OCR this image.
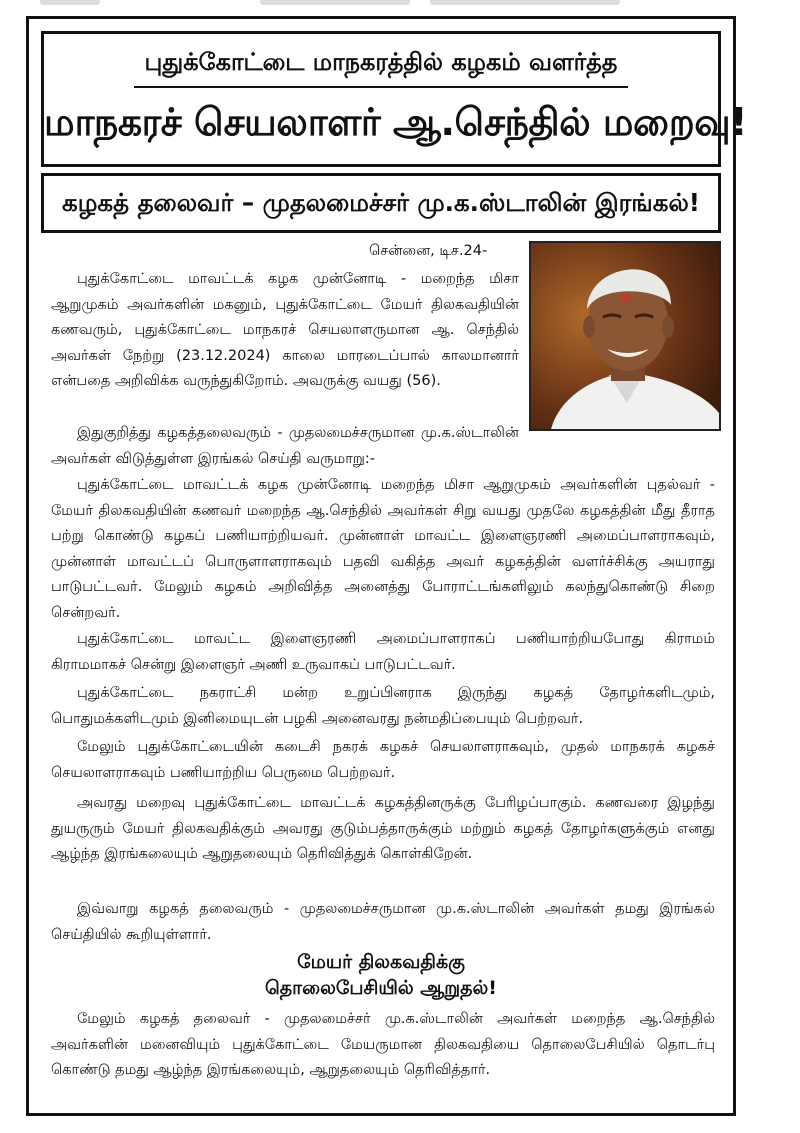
புதுக்கோட்டை மாநகரத்தில் கழகம் வளர்த்த
மாநகரச் செயலாளர் ஆ.செந்தில் மறைவு!
கழகத் தலைவர் – முதலமைச்சர் மு.க.ஸ்டாலின் இரங்கல்!
சென்னை, டிச.24-
புதுக்கோட்டை மாவட்டக் கழக முன்னோடி - மறைந்த மிசா ஆறுமுகம் அவர்களின் மகனும், புதுக்கோட்டை மேயர் திலகவதியின் கணவரும், புதுக்கோட்டை மாநகரச் செயலாளருமான ஆ. செந்தில் அவர்கள் நேற்று (23.12.2024) காலை மாரடைப்பால் காலமானார் என்பதை அறிவிக்க வருந்துகிறோம். அவருக்கு வயது (56).
இதுகுறித்து கழகத்தலைவரும் - முதலமைச்சருமான மு.க.ஸ்டாலின் அவர்கள் விடுத்துள்ள இரங்கல் செய்தி வருமாறு:-
புதுக்கோட்டை மாவட்டக் கழக முன்னோடி மறைந்த மிசா ஆறுமுகம் அவர்களின் புதல்வர் - மேயர் திலகவதியின் கணவர் மறைந்த ஆ.செந்தில் அவர்கள் சிறு வயது முதலே கழகத்தின் மீது தீராத பற்று கொண்டு கழகப் பணியாற்றியவர். முன்னாள் மாவட்ட இளைஞரணி அமைப்பாளராகவும், முன்னாள் மாவட்டப் பொருளாளராகவும் பதவி வகித்த அவர் கழகத்தின் வளர்ச்சிக்கு அயராது பாடுபட்டவர். மேலும் கழகம் அறிவித்த அனைத்து போராட்டங்களிலும் கலந்துகொண்டு சிறை சென்றவர்.
புதுக்கோட்டை மாவட்ட இளைஞரணி அமைப்பாளராகப் பணியாற்றியபோது கிராமம் கிராமமாகச் சென்று இளைஞர் அணி உருவாகப் பாடுபட்டவர்.
புதுக்கோட்டை நகராட்சி மன்ற உறுப்பினராக இருந்து கழகத் தோழர்களிடமும், பொதுமக்களிடமும் இனிமையுடன் பழகி அனைவரது நன்மதிப்பையும் பெற்றவர்.
மேலும் புதுக்கோட்டையின் கடைசி நகரக் கழகச் செயலாளராகவும், முதல் மாநகரக் கழகச் செயலாளராகவும் பணியாற்றிய பெருமை பெற்றவர்.
அவரது மறைவு புதுக்கோட்டை மாவட்டக் கழகத்தினருக்கு பேரிழப்பாகும். கணவரை இழந்து துயருரும் மேயர் திலகவதிக்கும் அவரது குடும்பத்தாருக்கும் மற்றும் கழகத் தோழர்களுக்கும் எனது ஆழ்ந்த இரங்கலையும் ஆறுதலையும் தெரிவித்துக் கொள்கிறேன்.
இவ்வாறு கழகத் தலைவரும் - முதலமைச்சருமான மு.க.ஸ்டாலின் அவர்கள் தமது இரங்கல் செய்தியில் கூறியுள்ளார்.
மேயர் திலகவதிக்கு
தொலைபேசியில் ஆறுதல்!
மேலும் கழகத் தலைவர் - முதலமைச்சர் மு.க.ஸ்டாலின் அவர்கள் மறைந்த ஆ.செந்தில் அவர்களின் மனைவியும் புதுக்கோட்டை மேயருமான திலகவதியை தொலைபேசியில் தொடர்பு கொண்டு தமது ஆழ்ந்த இரங்கலையும், ஆறுதலையும் தெரிவித்தார்.
